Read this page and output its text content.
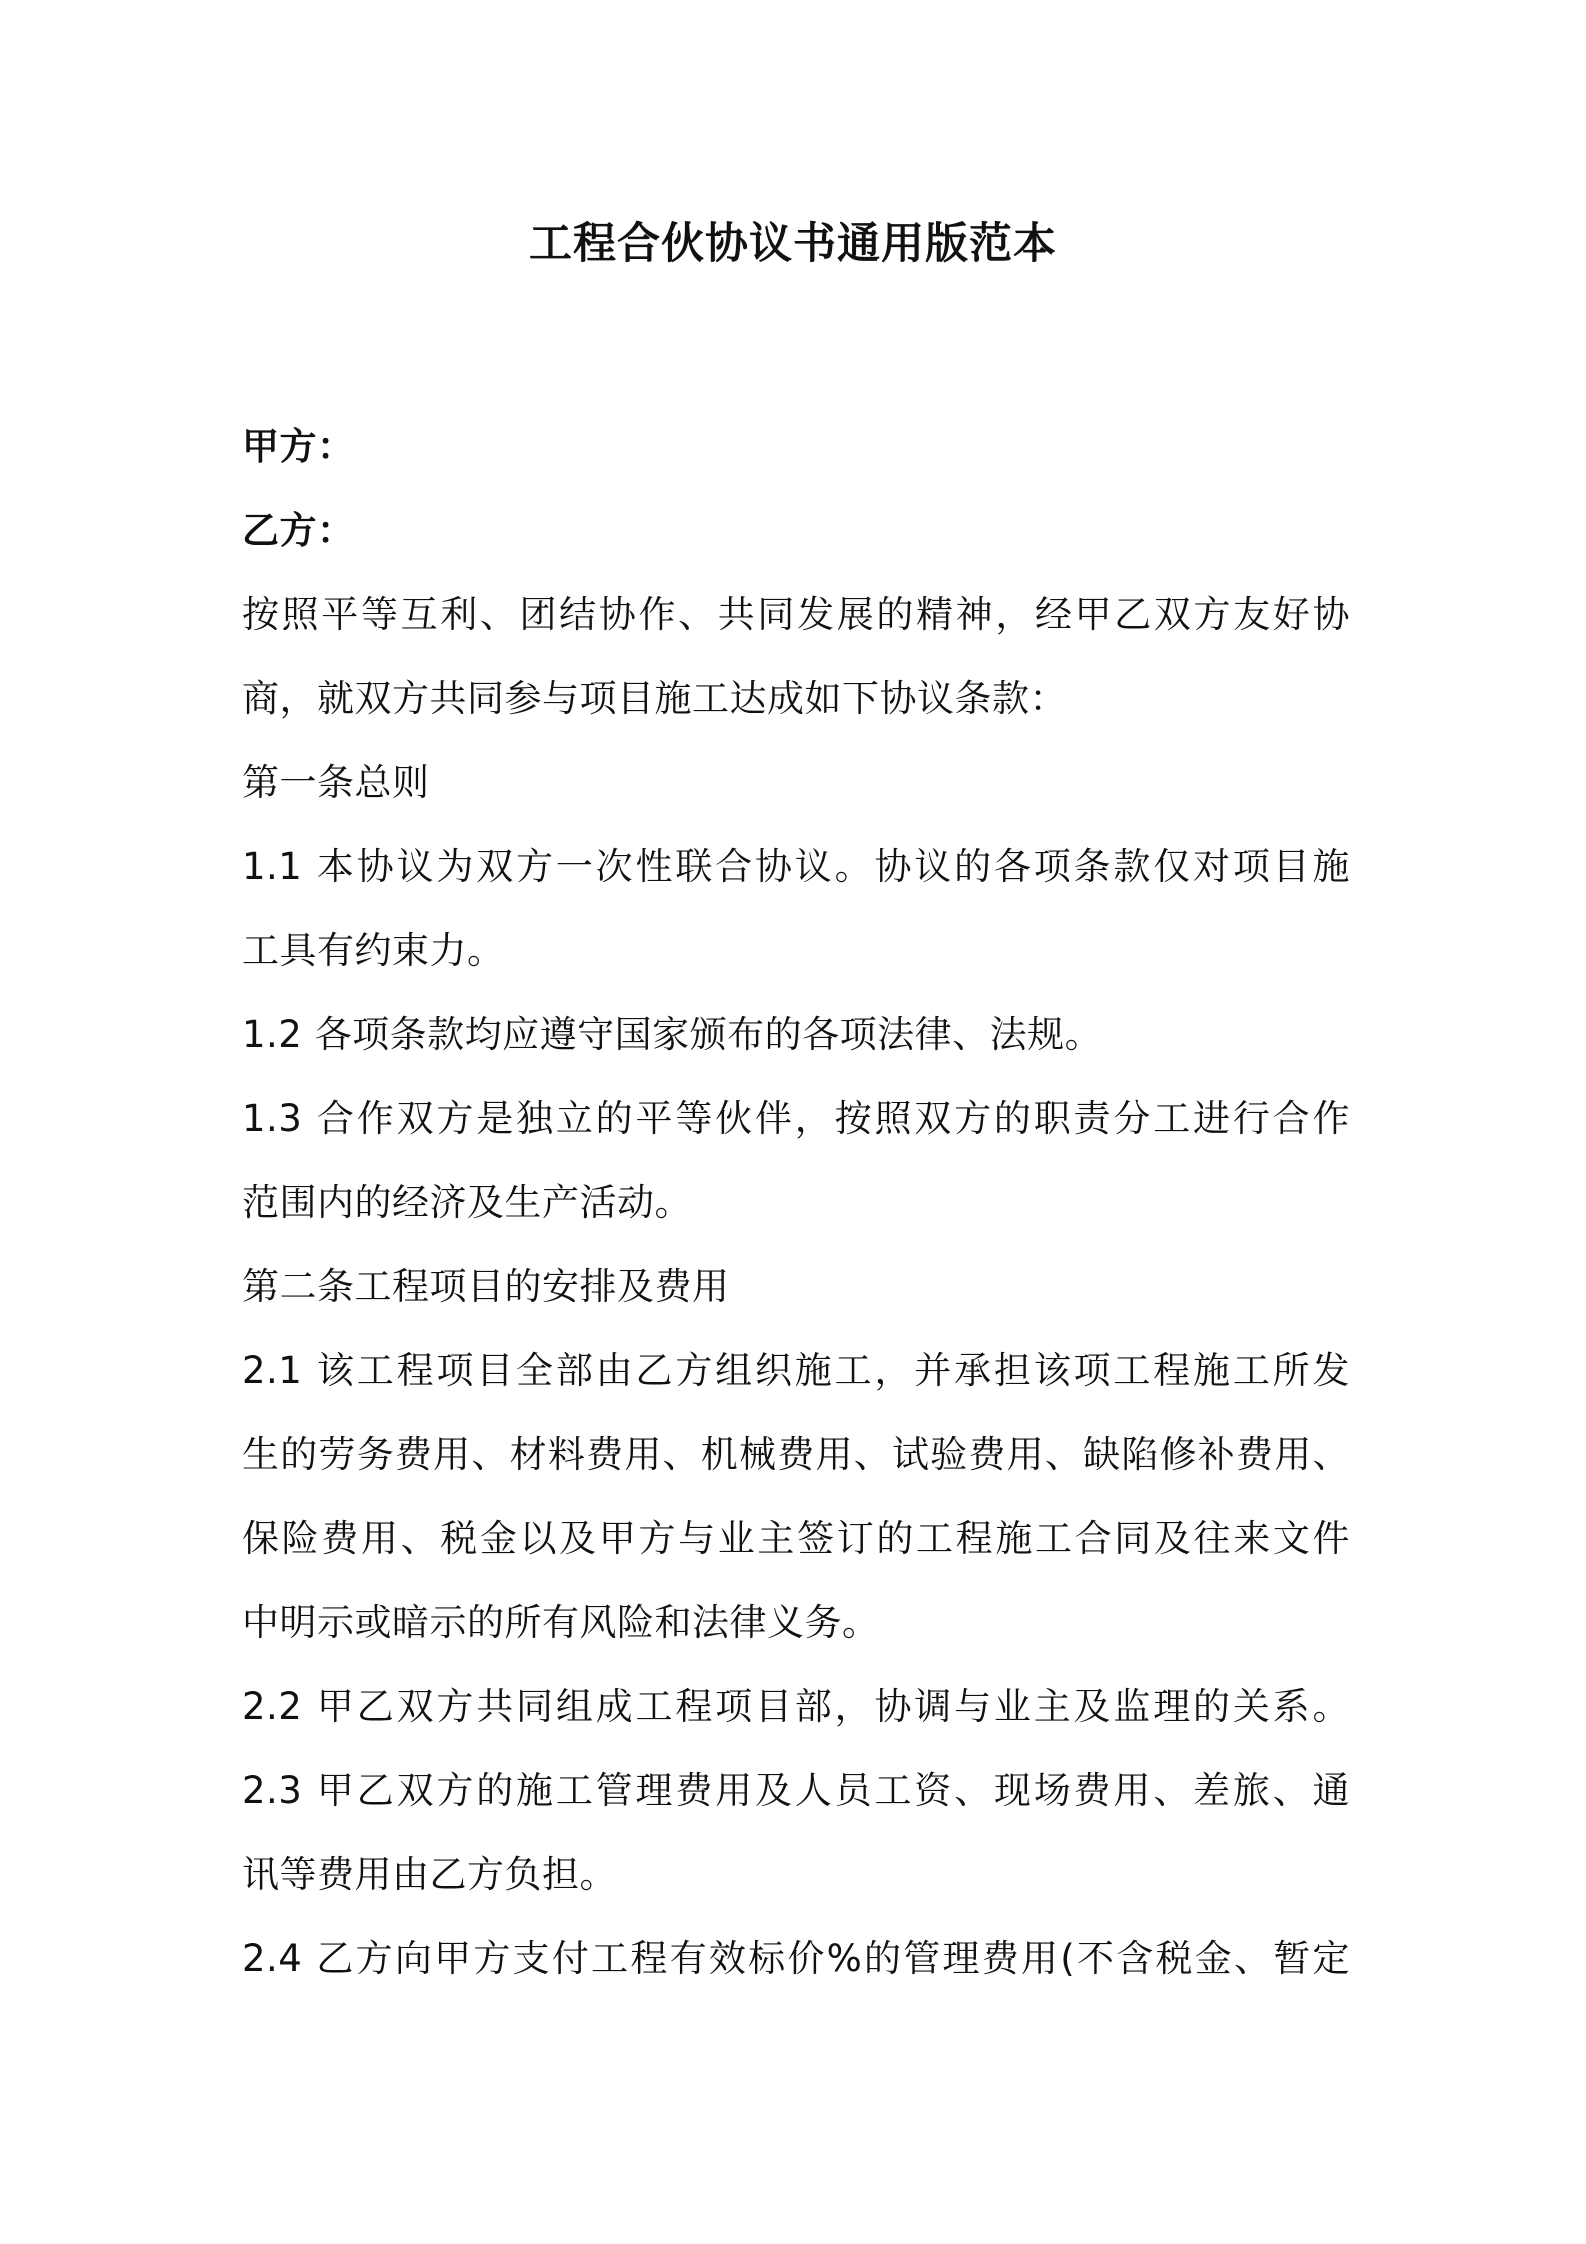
工程合伙协议书通用版范本
甲方：
乙方：
按照平等互利、团结协作、共同发展的精神，经甲乙双方友好协
商，就双方共同参与项目施工达成如下协议条款：
第一条总则
1.1 本协议为双方一次性联合协议。协议的各项条款仅对项目施
工具有约束力。
1.2 各项条款均应遵守国家颁布的各项法律、法规。
1.3 合作双方是独立的平等伙伴，按照双方的职责分工进行合作
范围内的经济及生产活动。
第二条工程项目的安排及费用
2.1 该工程项目全部由乙方组织施工，并承担该项工程施工所发
生的劳务费用、材料费用、机械费用、试验费用、缺陷修补费用、
保险费用、税金以及甲方与业主签订的工程施工合同及往来文件
中明示或暗示的所有风险和法律义务。
2.2 甲乙双方共同组成工程项目部，协调与业主及监理的关系。
2.3 甲乙双方的施工管理费用及人员工资、现场费用、差旅、通
讯等费用由乙方负担。
2.4 乙方向甲方支付工程有效标价%的管理费用(不含税金、暂定
